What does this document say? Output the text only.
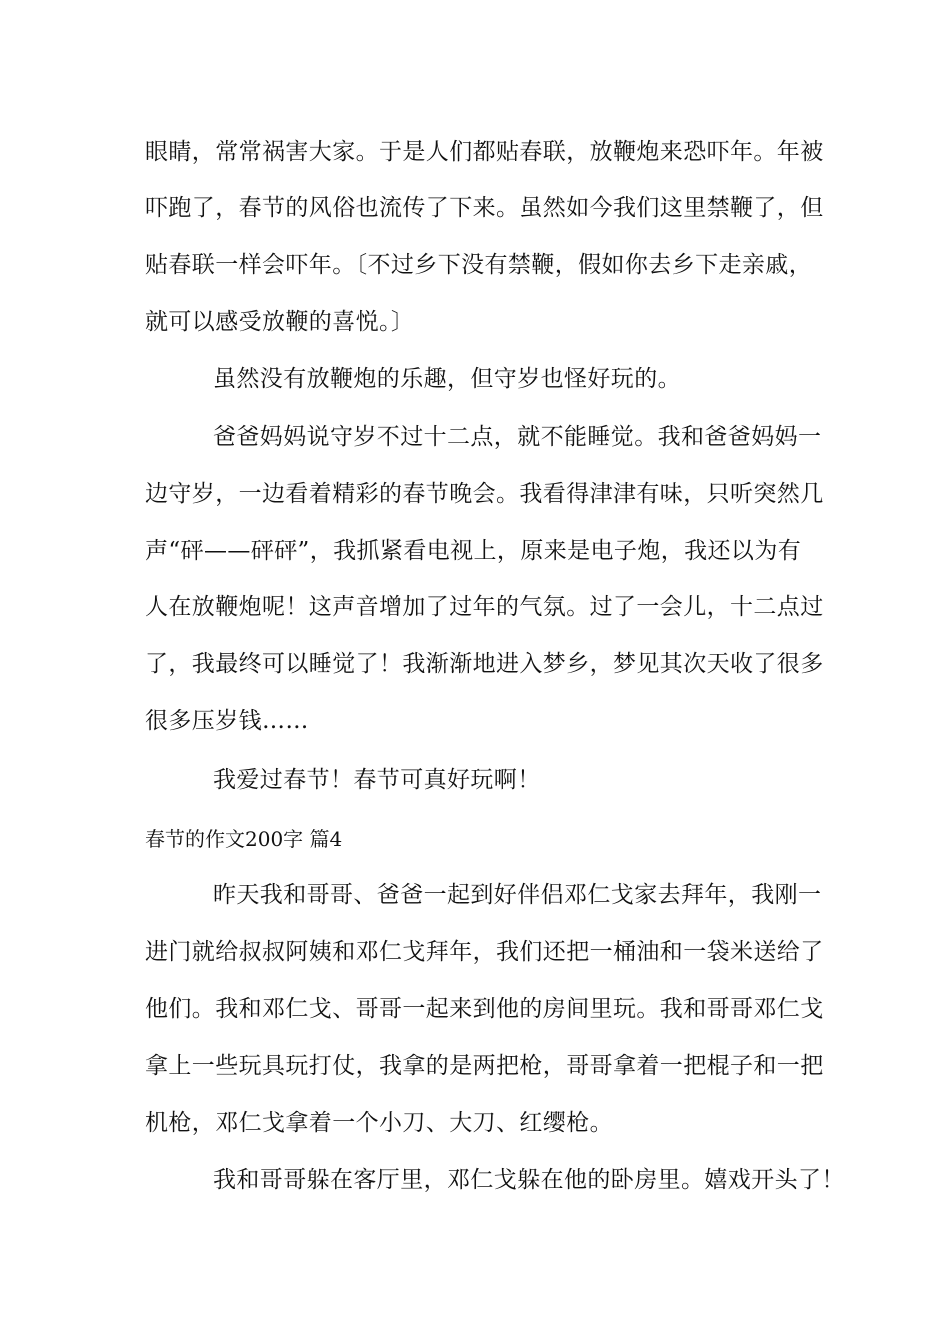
眼睛，常常祸害大家。于是人们都贴春联，放鞭炮来恐吓年。年被
吓跑了，春节的风俗也流传了下来。虽然如今我们这里禁鞭了，但
贴春联一样会吓年。〔不过乡下没有禁鞭，假如你去乡下走亲戚，
就可以感受放鞭的喜悦。〕
虽然没有放鞭炮的乐趣，但守岁也怪好玩的。
爸爸妈妈说守岁不过十二点，就不能睡觉。我和爸爸妈妈一
边守岁，一边看着精彩的春节晚会。我看得津津有味，只听突然几
声“砰——砰砰”，我抓紧看电视上，原来是电子炮，我还以为有
人在放鞭炮呢！这声音增加了过年的气氛。过了一会儿，十二点过
了，我最终可以睡觉了！我渐渐地进入梦乡，梦见其次天收了很多
很多压岁钱……
我爱过春节！春节可真好玩啊！
春节的作文200字 篇4
昨天我和哥哥、爸爸一起到好伴侣邓仁戈家去拜年，我刚一
进门就给叔叔阿姨和邓仁戈拜年，我们还把一桶油和一袋米送给了
他们。我和邓仁戈、哥哥一起来到他的房间里玩。我和哥哥邓仁戈
拿上一些玩具玩打仗，我拿的是两把枪，哥哥拿着一把棍子和一把
机枪，邓仁戈拿着一个小刀、大刀、红缨枪。
我和哥哥躲在客厅里，邓仁戈躲在他的卧房里。嬉戏开头了！
